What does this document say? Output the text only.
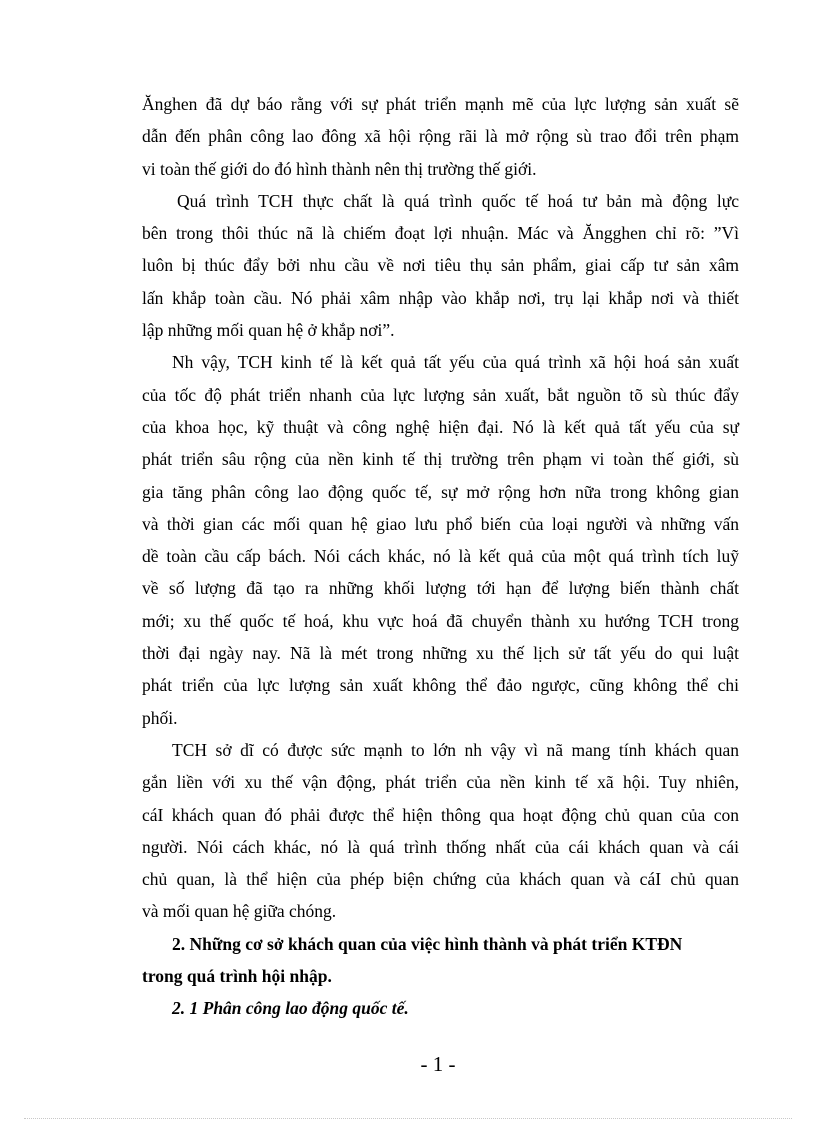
Ănghen đã dự báo rằng với sự phát triển mạnh mẽ của lực lượng sản xuất sẽ
dẫn đến phân công lao đông xã hội rộng rãi là mở rộng sù trao đổi trên phạm
vi toàn thế giới do đó hình thành nên thị trường thế giới.

Quá trình TCH thực chất là quá trình quốc tế hoá tư bản mà động lực
bên trong thôi thúc nã là chiếm đoạt lợi nhuận. Mác và Ăngghen chỉ rõ: ”Vì
luôn bị thúc đẩy bởi nhu cầu về nơi tiêu thụ sản phẩm, giai cấp tư sản xâm
lấn khắp toàn cầu. Nó phải xâm nhập vào khắp nơi, trụ lại khắp nơi và thiết
lập những mối quan hệ ở khắp nơi”.

Nh vậy, TCH kinh tế là kết quả tất yếu của quá trình xã hội hoá sản xuất
của tốc độ phát triển nhanh của lực lượng sản xuất, bắt nguồn tõ sù thúc đẩy
của khoa học, kỹ thuật và công nghệ hiện đại. Nó là kết quả tất yếu của sự
phát triển sâu rộng của nền kinh tế thị trường trên phạm vi toàn thế giới, sù
gia tăng phân công lao động quốc tế, sự mở rộng hơn nữa trong không gian
và thời gian các mối quan hệ giao lưu phổ biến của loại người và những vấn
dề toàn cầu cấp bách. Nói cách khác, nó là kết quả của một quá trình tích luỹ
về số lượng đã tạo ra những khối lượng tới hạn để lượng biến thành chất
mới; xu thế quốc tế hoá, khu vực hoá đã chuyển thành xu hướng TCH trong
thời đại ngày nay. Nã là mét trong những xu thế lịch sử tất yếu do qui luật
phát triển của lực lượng sản xuất không thể đảo ngược, cũng không thể chi
phối.

TCH sở dĩ có được sức mạnh to lớn nh vậy vì nã mang tính khách quan
gắn liền với xu thế vận động, phát triển của nền kinh tế xã hội. Tuy nhiên,
cáI khách quan đó phải được thể hiện thông qua hoạt động chủ quan của con
người. Nói cách khác, nó là quá trình thống nhất của cái khách quan và cái
chủ quan, là thể hiện của phép biện chứng của khách quan và cáI chủ quan
và mối quan hệ giữa chóng.

2. Những cơ sở khách quan của việc hình thành và phát triển KTĐN
trong quá trình hội nhập.

2. 1 Phân công lao động quốc tế.

- 1 -
